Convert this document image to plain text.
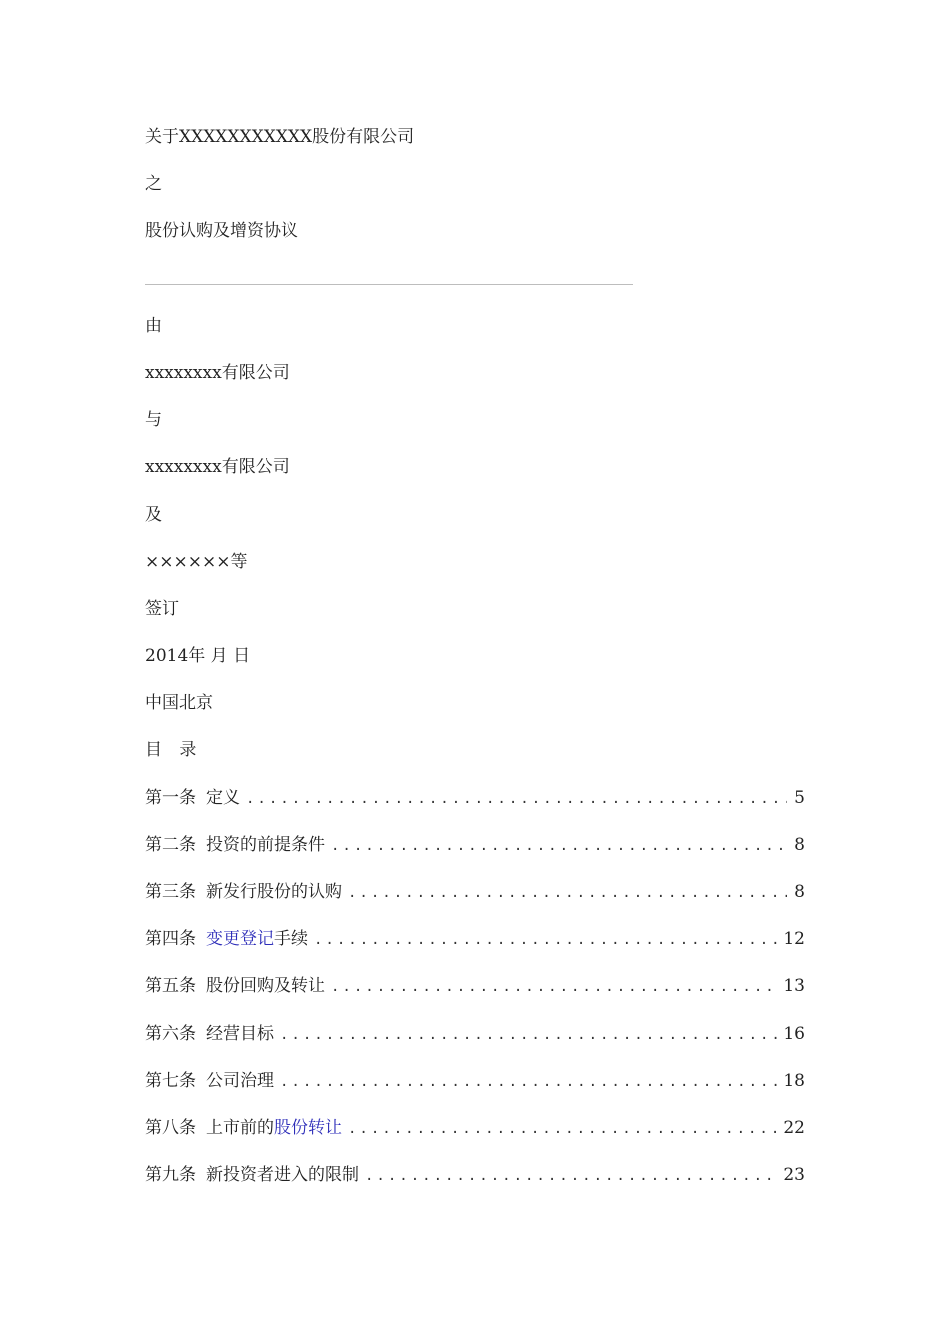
关于XXXXXXXXXXX股份有限公司
之
股份认购及增资协议
由
xxxxxxxx有限公司
与
xxxxxxxx有限公司
及
××××××等
签订
2014年 月 日
中国北京
目 录
第一条 定义 .....	5
第二条 投资的前提条件 .....	8
第三条 新发行股份的认购 .....	8
第四条 变更登记手续 .....	12
第五条 股份回购及转让 .....	13
第六条 经营目标 .....	16
第七条 公司治理 .....	18
第八条 上市前的股份转让 .....	22
第九条 新投资者进入的限制 .....	23
